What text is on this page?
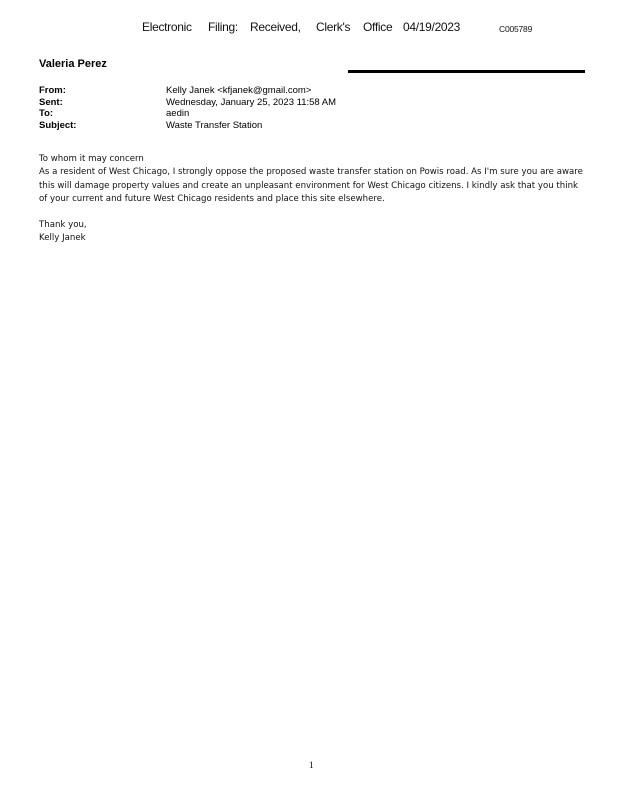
Electronic Filing: Received, Clerk's Office 04/19/2023	C005789
Valeria Perez
From:	Kelly Janek <kfjanek@gmail.com>
Sent:	Wednesday, January 25, 2023 11:58 AM
To:	aedin
Subject:	Waste Transfer Station

To whom it may concern

As a resident of West Chicago, I strongly oppose the proposed waste transfer station on Powis road. As I'm sure you are aware this will damage property values and create an unpleasant environment for West Chicago citizens. I kindly ask that you think of your current and future West Chicago residents and place this site elsewhere.

Thank you,

Kelly Janek

1
